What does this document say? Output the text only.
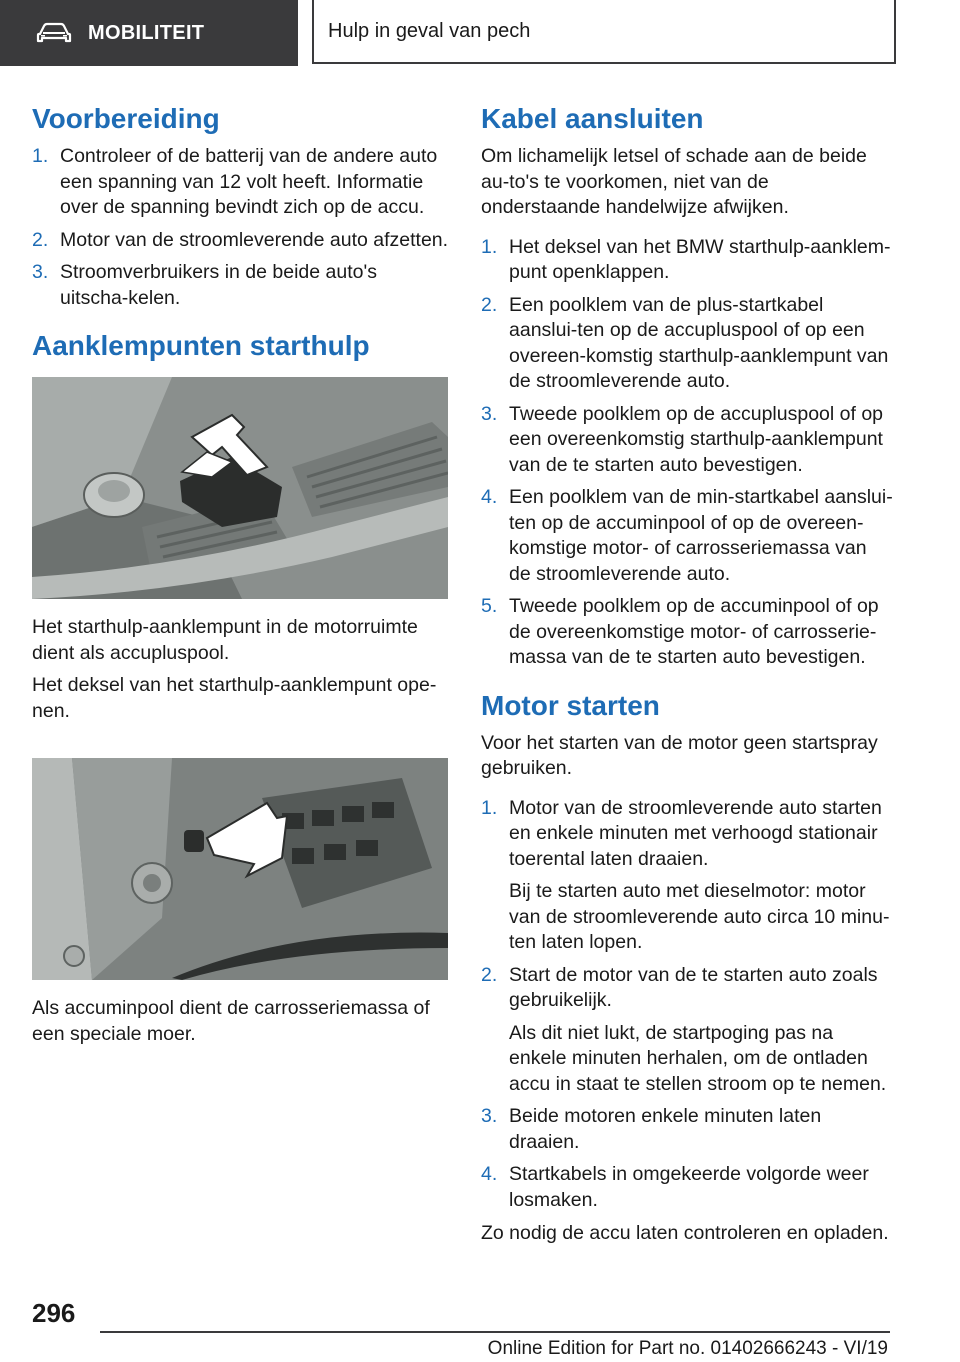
MOBILITEIT	Hulp in geval van pech
Voorbereiding
1. Controleer of de batterij van de andere auto een spanning van 12 volt heeft. Informatie over de spanning bevindt zich op de accu.
2. Motor van de stroomleverende auto afzetten.
3. Stroomverbruikers in de beide auto's uitscha-kelen.
Aanklempunten starthulp

Het starthulp-aanklempunt in de motorruimte dient als accupluspool.

Het deksel van het starthulp-aanklempunt ope-nen.

Als accuminpool dient de carrosseriemassa of een speciale moer.

Kabel aansluiten

Om lichamelijk letsel of schade aan de beide au-to's te voorkomen, niet van de onderstaande handelwijze afwijken.

1. Het deksel van het BMW starthulp-aanklem-punt openklappen.
2. Een poolklem van de plus-startkabel aanslui-ten op de accupluspool of op een overeen-komstig starthulp-aanklempunt van de stroomleverende auto.
3. Tweede poolklem op de accupluspool of op een overeenkomstig starthulp-aanklempunt van de te starten auto bevestigen.
4. Een poolklem van de min-startkabel aanslui-ten op de accuminpool of op de overeen-komstige motor- of carrosseriemassa van de stroomleverende auto.
5. Tweede poolklem op de accuminpool of op de overeenkomstige motor- of carrosserie-massa van de te starten auto bevestigen.
Motor starten

Voor het starten van de motor geen startspray gebruiken.

1. Motor van de stroomleverende auto starten en enkele minuten met verhoogd stationair toerental laten draaien.
Bij te starten auto met dieselmotor: motor van de stroomleverende auto circa 10 minu-ten laten lopen.
2. Start de motor van de te starten auto zoals gebruikelijk.
Als dit niet lukt, de startpoging pas na enkele minuten herhalen, om de ontladen accu in staat te stellen stroom op te nemen.
3. Beide motoren enkele minuten laten draaien.
4. Startkabels in omgekeerde volgorde weer losmaken.

Zo nodig de accu laten controleren en opladen.

296
Online Edition for Part no. 01402666243 - VI/19
